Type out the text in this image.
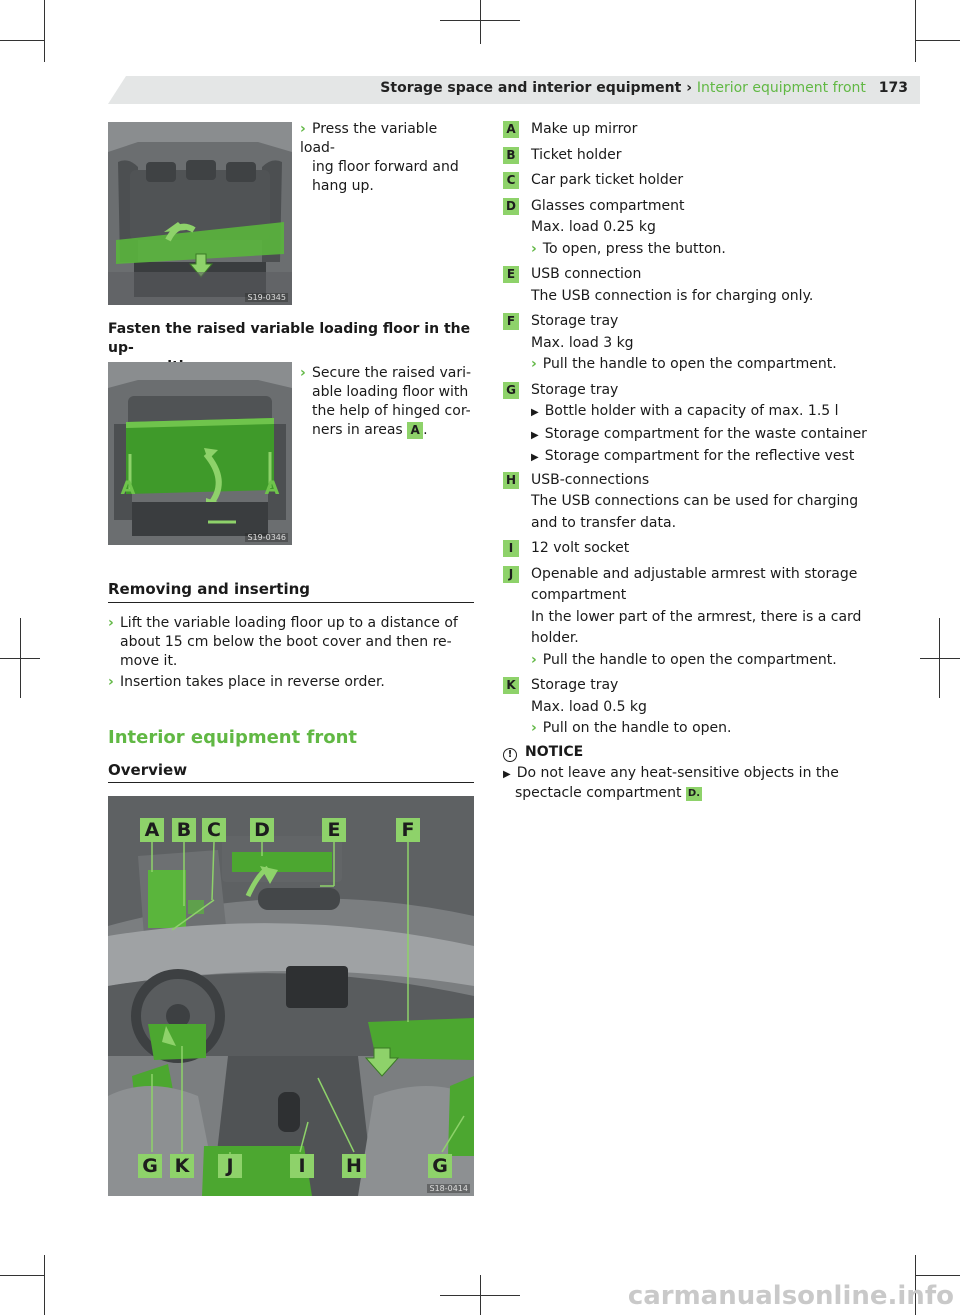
Storage space and interior equipment › Interior equipment front 173
S19-0345
› Press the variable load-
ing floor forward and
hang up.
Fasten the raised variable loading floor in the up-
A	A
S19-0346
› Secure the raised vari-
able loading floor with
the help of hinged cor-
ners in areas A .
Removing and inserting
› Lift the variable loading floor up to a distance of
about 15 cm below the boot cover and then re-
move it.
› Insertion takes place in reverse order.
Interior equipment front
Overview
A B C D	E	F
G K	J	I	H	G
S18-0414
A Make up mirror
B Ticket holder
C Car park ticket holder
D Glasses compartment
Max. load 0.25 kg
› To open, press the button.
E USB connection
The USB connection is for charging only.
F Storage tray
Max. load 3 kg
› Pull the handle to open the compartment.
G Storage tray
▶ Bottle holder with a capacity of max. 1.5 l
▶ Storage compartment for the waste container
▶ Storage compartment for the reflective vest
H USB-connections
The USB connections can be used for charging
and to transfer data.
I	12 volt socket
J	Openable and adjustable armrest with storage
compartment
In the lower part of the armrest, there is a card
holder.
› Pull the handle to open the compartment.
K Storage tray
Max. load 0.5 kg
› Pull on the handle to open.
! NOTICE
▶ Do not leave any heat-sensitive objects in the
spectacle compartment D.
carmanualsonline.info
